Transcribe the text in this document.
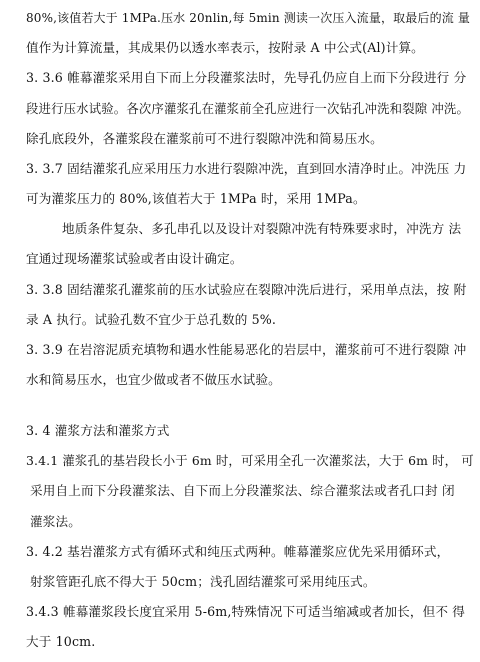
80%,该值若大于 1MPa.压水 20nlin,每 5min 测读一次压入流量，取最后的流 量
值作为计算流量，其成果仍以透水率表示，按附录 A 中公式(Al)计算。
3. 3.6 帷幕灌浆采用自下而上分段灌浆法时，先导孔仍应自上而下分段进行 分
段进行压水试验。各次序灌浆孔在灌浆前全孔应进行一次钻孔冲洗和裂隙 冲洗。
除孔底段外，各灌浆段在灌浆前可不进行裂隙冲洗和简易压水。
3. 3.7 固结灌浆孔应采用压力水进行裂隙冲洗，直到回水清净时止。冲洗压 力
可为灌浆压力的 80%,该值若大于 1MPa 时，采用 1MPa。
地质条件复杂、多孔串孔以及设计对裂隙冲洗有特殊要求时，冲洗方 法
宜通过现场灌浆试验或者由设计确定。
3. 3.8 固结灌浆孔灌浆前的压水试验应在裂隙冲洗后进行，采用单点法，按 附
录 A 执行。试验孔数不宜少于总孔数的 5%.
3. 3.9 在岩溶泥质充填物和遇水性能易恶化的岩层中，灌浆前可不进行裂隙 冲
水和简易压水，也宜少做或者不做压水试验。
3. 4 灌浆方法和灌浆方式
3.4.1 灌浆孔的基岩段长小于 6m 时，可采用全孔一次灌浆法，大于 6m 时， 可
采用自上而下分段灌浆法、自下而上分段灌浆法、综合灌浆法或者孔口封 闭
灌浆法。
3. 4.2 基岩灌浆方式有循环式和纯压式两种。帷幕灌浆应优先采用循环式，
射浆管距孔底不得大于 50cm；浅孔固结灌浆可采用纯压式。
3.4.3 帷幕灌浆段长度宜采用 5-6m,特殊情况下可适当缩减或者加长，但不 得
大于 10cm.
